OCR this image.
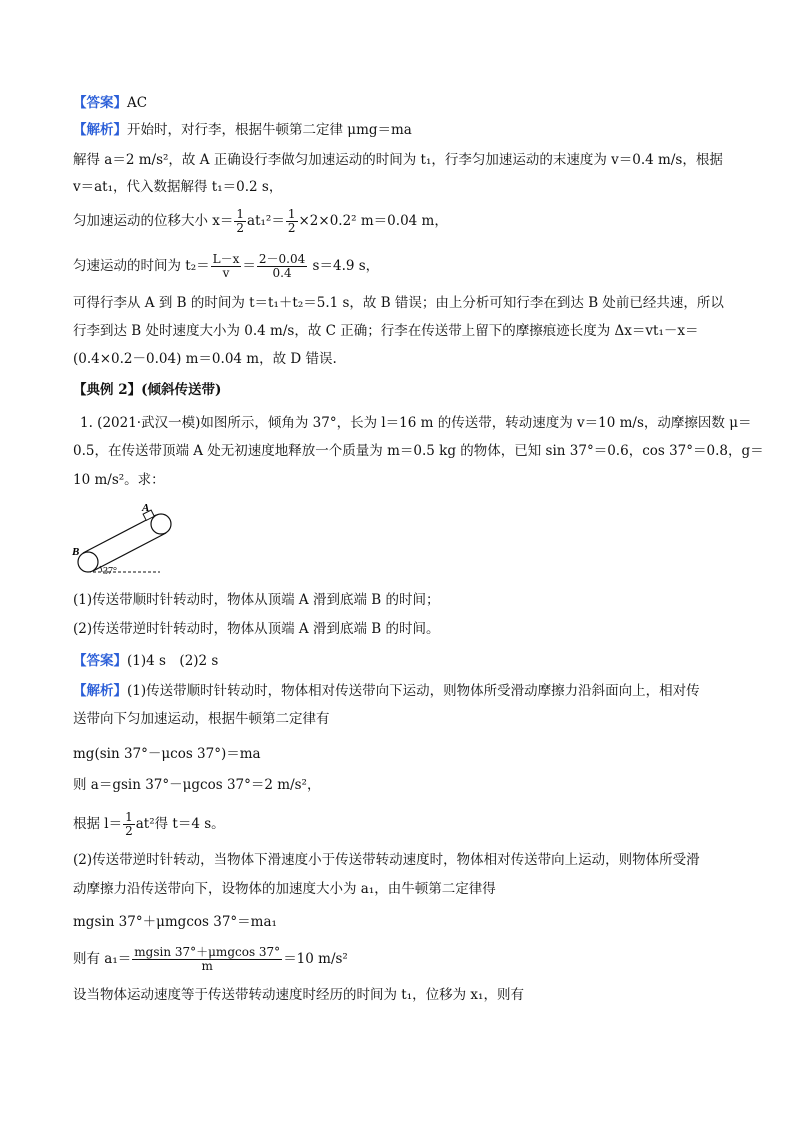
【答案】AC
【解析】开始时，对行李，根据牛顿第二定律 μmg＝ma
解得 a＝2 m/s²，故 A 正确设行李做匀加速运动的时间为 t₁，行李匀加速运动的末速度为 v＝0.4 m/s，根据
v＝at₁，代入数据解得 t₁＝0.2 s，
匀加速运动的位移大小 $x= \frac{1}{2} at_1^2= \frac{1}{2} \times 2\times 0.2^2$ m＝0.04 m，
匀速运动的时间为 $t_2= \frac{L-x}{v} = \frac{2-0.04}{0.4} s=4.9$ s，
可得行李从 A 到 B 的时间为 t＝t₁＋t₂＝5.1 s，故 B 错误；由上分析可知行李在到达 B 处前已经共速，所以
行李到达 B 处时速度大小为 0.4 m/s，故 C 正确；行李在传送带上留下的摩擦痕迹长度为 Δx＝vt₁－x＝
(0.4×0.2－0.04) m＝0.04 m，故 D 错误.
【典例 2】(倾斜传送带)
1. (2021·武汉一模)如图所示，倾角为 37°，长为 l＝16 m 的传送带，转动速度为 v＝10 m/s，动摩擦因数 μ＝
0.5，在传送带顶端 A 处无初速度地释放一个质量为 m＝0.5 kg 的物体，已知 sin 37°＝0.6，cos 37°＝0.8，g＝
10 m/s²。求：
A
B
37°
(1)传送带顺时针转动时，物体从顶端 A 滑到底端 B 的时间；
(2)传送带逆时针转动时，物体从顶端 A 滑到底端 B 的时间。
【答案】(1)4 s　(2)2 s
【解析】(1)传送带顺时针转动时，物体相对传送带向下运动，则物体所受滑动摩擦力沿斜面向上，相对传
送带向下匀加速运动，根据牛顿第二定律有
mg(sin 37°－μcos 37°)＝ma
则 a＝gsin 37°－μgcos 37°＝2 m/s²，
根据 $l= \frac{1}{2} at^2$得 t＝4 s。
(2)传送带逆时针转动，当物体下滑速度小于传送带转动速度时，物体相对传送带向上运动，则物体所受滑
动摩擦力沿传送带向下，设物体的加速度大小为 a₁，由牛顿第二定律得
mgsin 37°＋μmgcos 37°＝ma₁
则有 $a_1= \frac{\text{mgsin 37°＋μmgcos 37°}}{m} =10$ m/s²
设当物体运动速度等于传送带转动速度时经历的时间为 t₁，位移为 x₁，则有
